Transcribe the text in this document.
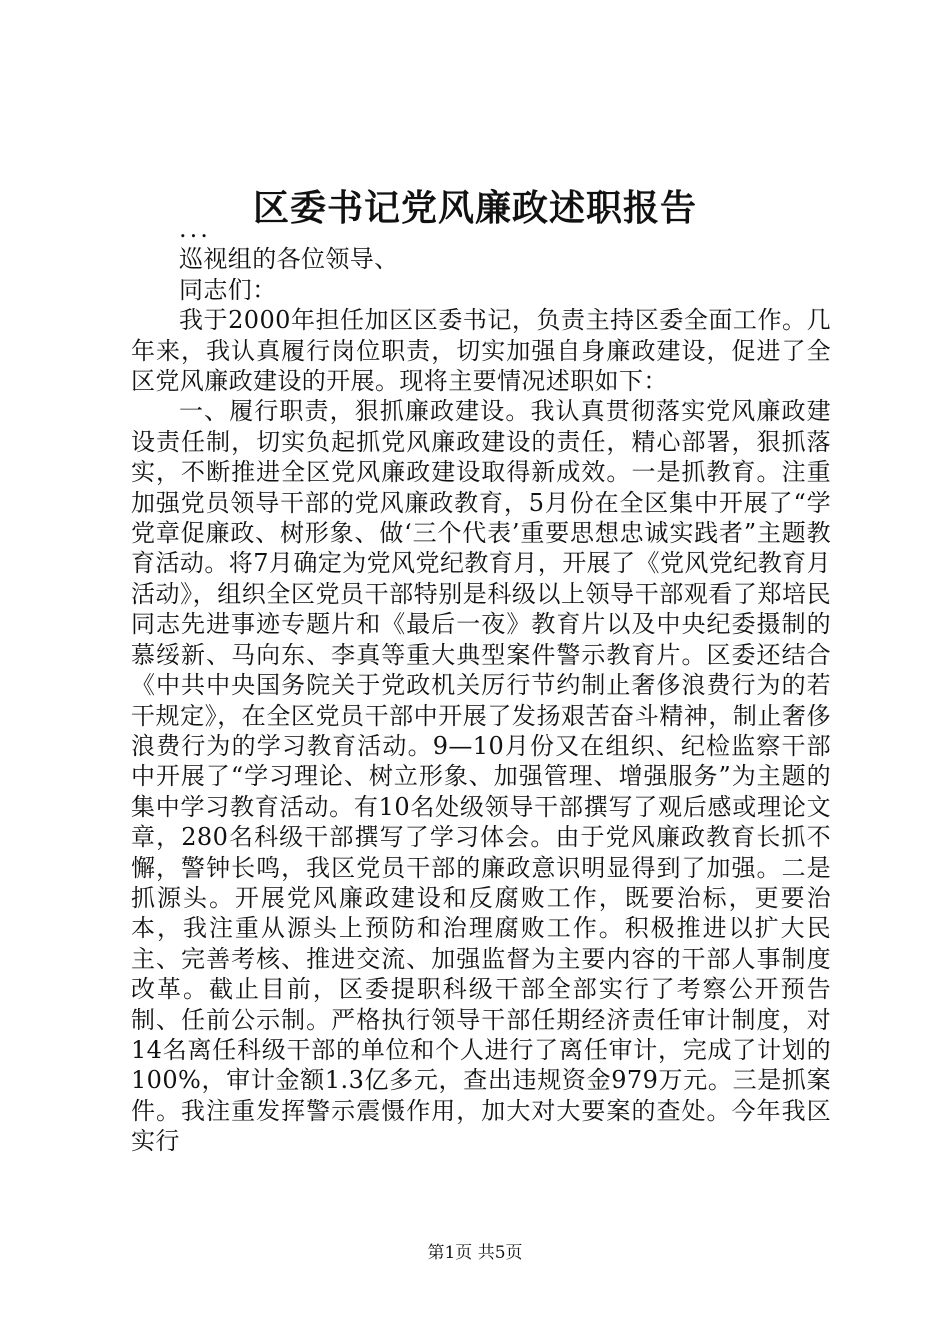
区委书记党风廉政述职报告

...

巡视组的各位领导、

同志们：

我于2000年担任加区区委书记，负责主持区委全面工作。几年来，我认真履行岗位职责，切实加强自身廉政建设，促进了全区党风廉政建设的开展。现将主要情况述职如下：

一、履行职责，狠抓廉政建设。我认真贯彻落实党风廉政建设责任制，切实负起抓党风廉政建设的责任，精心部署，狠抓落实，不断推进全区党风廉政建设取得新成效。一是抓教育。注重加强党员领导干部的党风廉政教育，5月份在全区集中开展了“学党章促廉政、树形象、做‘三个代表’重要思想忠诚实践者”主题教育活动。将7月确定为党风党纪教育月，开展了《党风党纪教育月活动》，组织全区党员干部特别是科级以上领导干部观看了郑培民同志先进事迹专题片和《最后一夜》教育片以及中央纪委摄制的慕绥新、马向东、李真等重大典型案件警示教育片。区委还结合《中共中央国务院关于党政机关厉行节约制止奢侈浪费行为的若干规定》，在全区党员干部中开展了发扬艰苦奋斗精神，制止奢侈浪费行为的学习教育活动。9—10月份又在组织、纪检监察干部中开展了“学习理论、树立形象、加强管理、增强服务”为主题的集中学习教育活动。有10名处级领导干部撰写了观后感或理论文章，280名科级干部撰写了学习体会。由于党风廉政教育长抓不懈，警钟长鸣，我区党员干部的廉政意识明显得到了加强。二是抓源头。开展党风廉政建设和反腐败工作，既要治标，更要治本，我注重从源头上预防和治理腐败工作。积极推进以扩大民主、完善考核、推进交流、加强监督为主要内容的干部人事制度改革。截止目前，区委提职科级干部全部实行了考察公开预告制、任前公示制。严格执行领导干部任期经济责任审计制度，对14名离任科级干部的单位和个人进行了离任审计，完成了计划的100%，审计金额1.3亿多元，查出违规资金979万元。三是抓案件。我注重发挥警示震慑作用，加大对大要案的查处。今年我区实行

第1页 共5页
